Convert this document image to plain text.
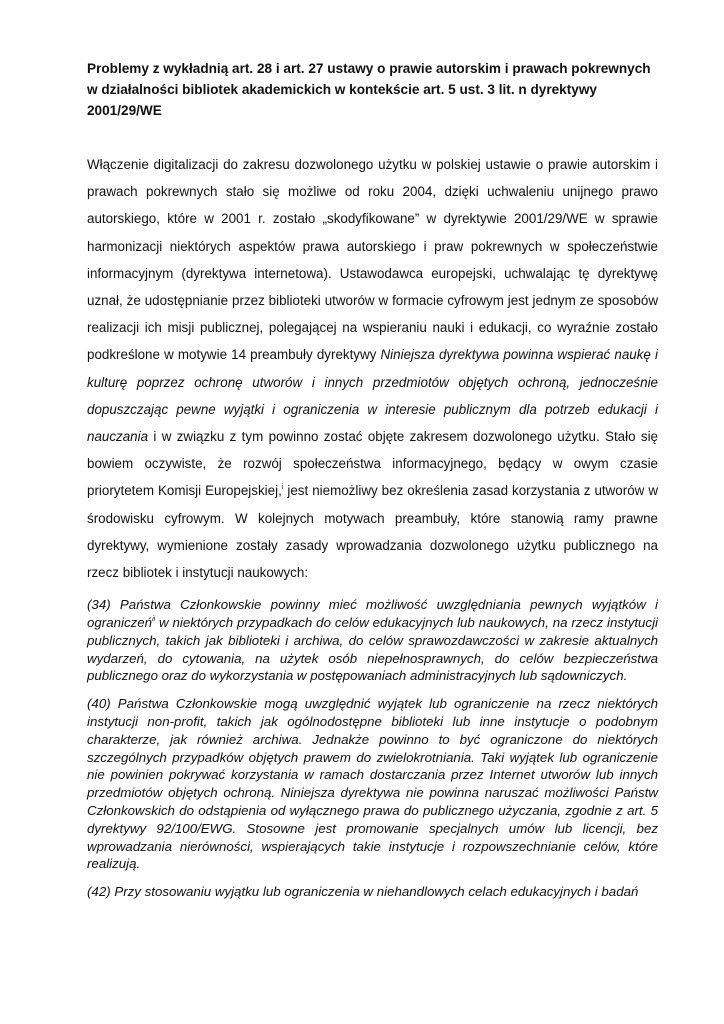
Problemy z wykładnią art. 28 i art. 27 ustawy o prawie autorskim i prawach pokrewnych w działalności bibliotek akademickich w kontekście art. 5 ust. 3 lit. n dyrektywy 2001/29/WE

Włączenie digitalizacji do zakresu dozwolonego użytku w polskiej ustawie o prawie autorskim i prawach pokrewnych stało się możliwe od roku 2004, dzięki uchwaleniu unijnego prawo autorskiego, które w 2001 r. zostało „skodyfikowane” w dyrektywie 2001/29/WE w sprawie harmonizacji niektórych aspektów prawa autorskiego i praw pokrewnych w społeczeństwie informacyjnym (dyrektywa internetowa). Ustawodawca europejski, uchwalając tę dyrektywę uznał, że udostępnianie przez biblioteki utworów w formacie cyfrowym jest jednym ze sposobów realizacji ich misji publicznej, polegającej na wspieraniu nauki i edukacji, co wyraźnie zostało podkreślone w motywie 14 preambuły dyrektywy Niniejsza dyrektywa powinna wspierać naukę i kulturę poprzez ochronę utworów i innych przedmiotów objętych ochroną, jednocześnie dopuszczając pewne wyjątki i ograniczenia w interesie publicznym dla potrzeb edukacji i nauczania i w związku z tym powinno zostać objęte zakresem dozwolonego użytku. Stało się bowiem oczywiste, że rozwój społeczeństwa informacyjnego, będący w owym czasie priorytetem Komisji Europejskiej,$^i$ jest niemożliwy bez określenia zasad korzystania z utworów w środowisku cyfrowym. W kolejnych motywach preambuły, które stanowią ramy prawne dyrektywy, wymienione zostały zasady wprowadzania dozwolonego użytku publicznego na rzecz bibliotek i instytucji naukowych:

(34) Państwa Członkowskie powinny mieć możliwość uwzględniania pewnych wyjątków i ograniczeń$^{ii}$ w niektórych przypadkach do celów edukacyjnych lub naukowych, na rzecz instytucji publicznych, takich jak biblioteki i archiwa, do celów sprawozdawczości w zakresie aktualnych wydarzeń, do cytowania, na użytek osób niepełnosprawnych, do celów bezpieczeństwa publicznego oraz do wykorzystania w postępowaniach administracyjnych lub sądowniczych.

(40) Państwa Członkowskie mogą uwzględnić wyjątek lub ograniczenie na rzecz niektórych instytucji non-profit, takich jak ogólnodostępne biblioteki lub inne instytucje o podobnym charakterze, jak również archiwa. Jednakże powinno to być ograniczone do niektórych szczególnych przypadków objętych prawem do zwielokrotniania. Taki wyjątek lub ograniczenie nie powinien pokrywać korzystania w ramach dostarczania przez Internet utworów lub innych przedmiotów objętych ochroną. Niniejsza dyrektywa nie powinna naruszać możliwości Państw Członkowskich do odstąpienia od wyłącznego prawa do publicznego użyczania, zgodnie z art. 5 dyrektywy 92/100/EWG. Stosowne jest promowanie specjalnych umów lub licencji, bez wprowadzania nierówności, wspierających takie instytucje i rozpowszechnianie celów, które realizują.

(42) Przy stosowaniu wyjątku lub ograniczenia w niehandlowych celach edukacyjnych i badań
